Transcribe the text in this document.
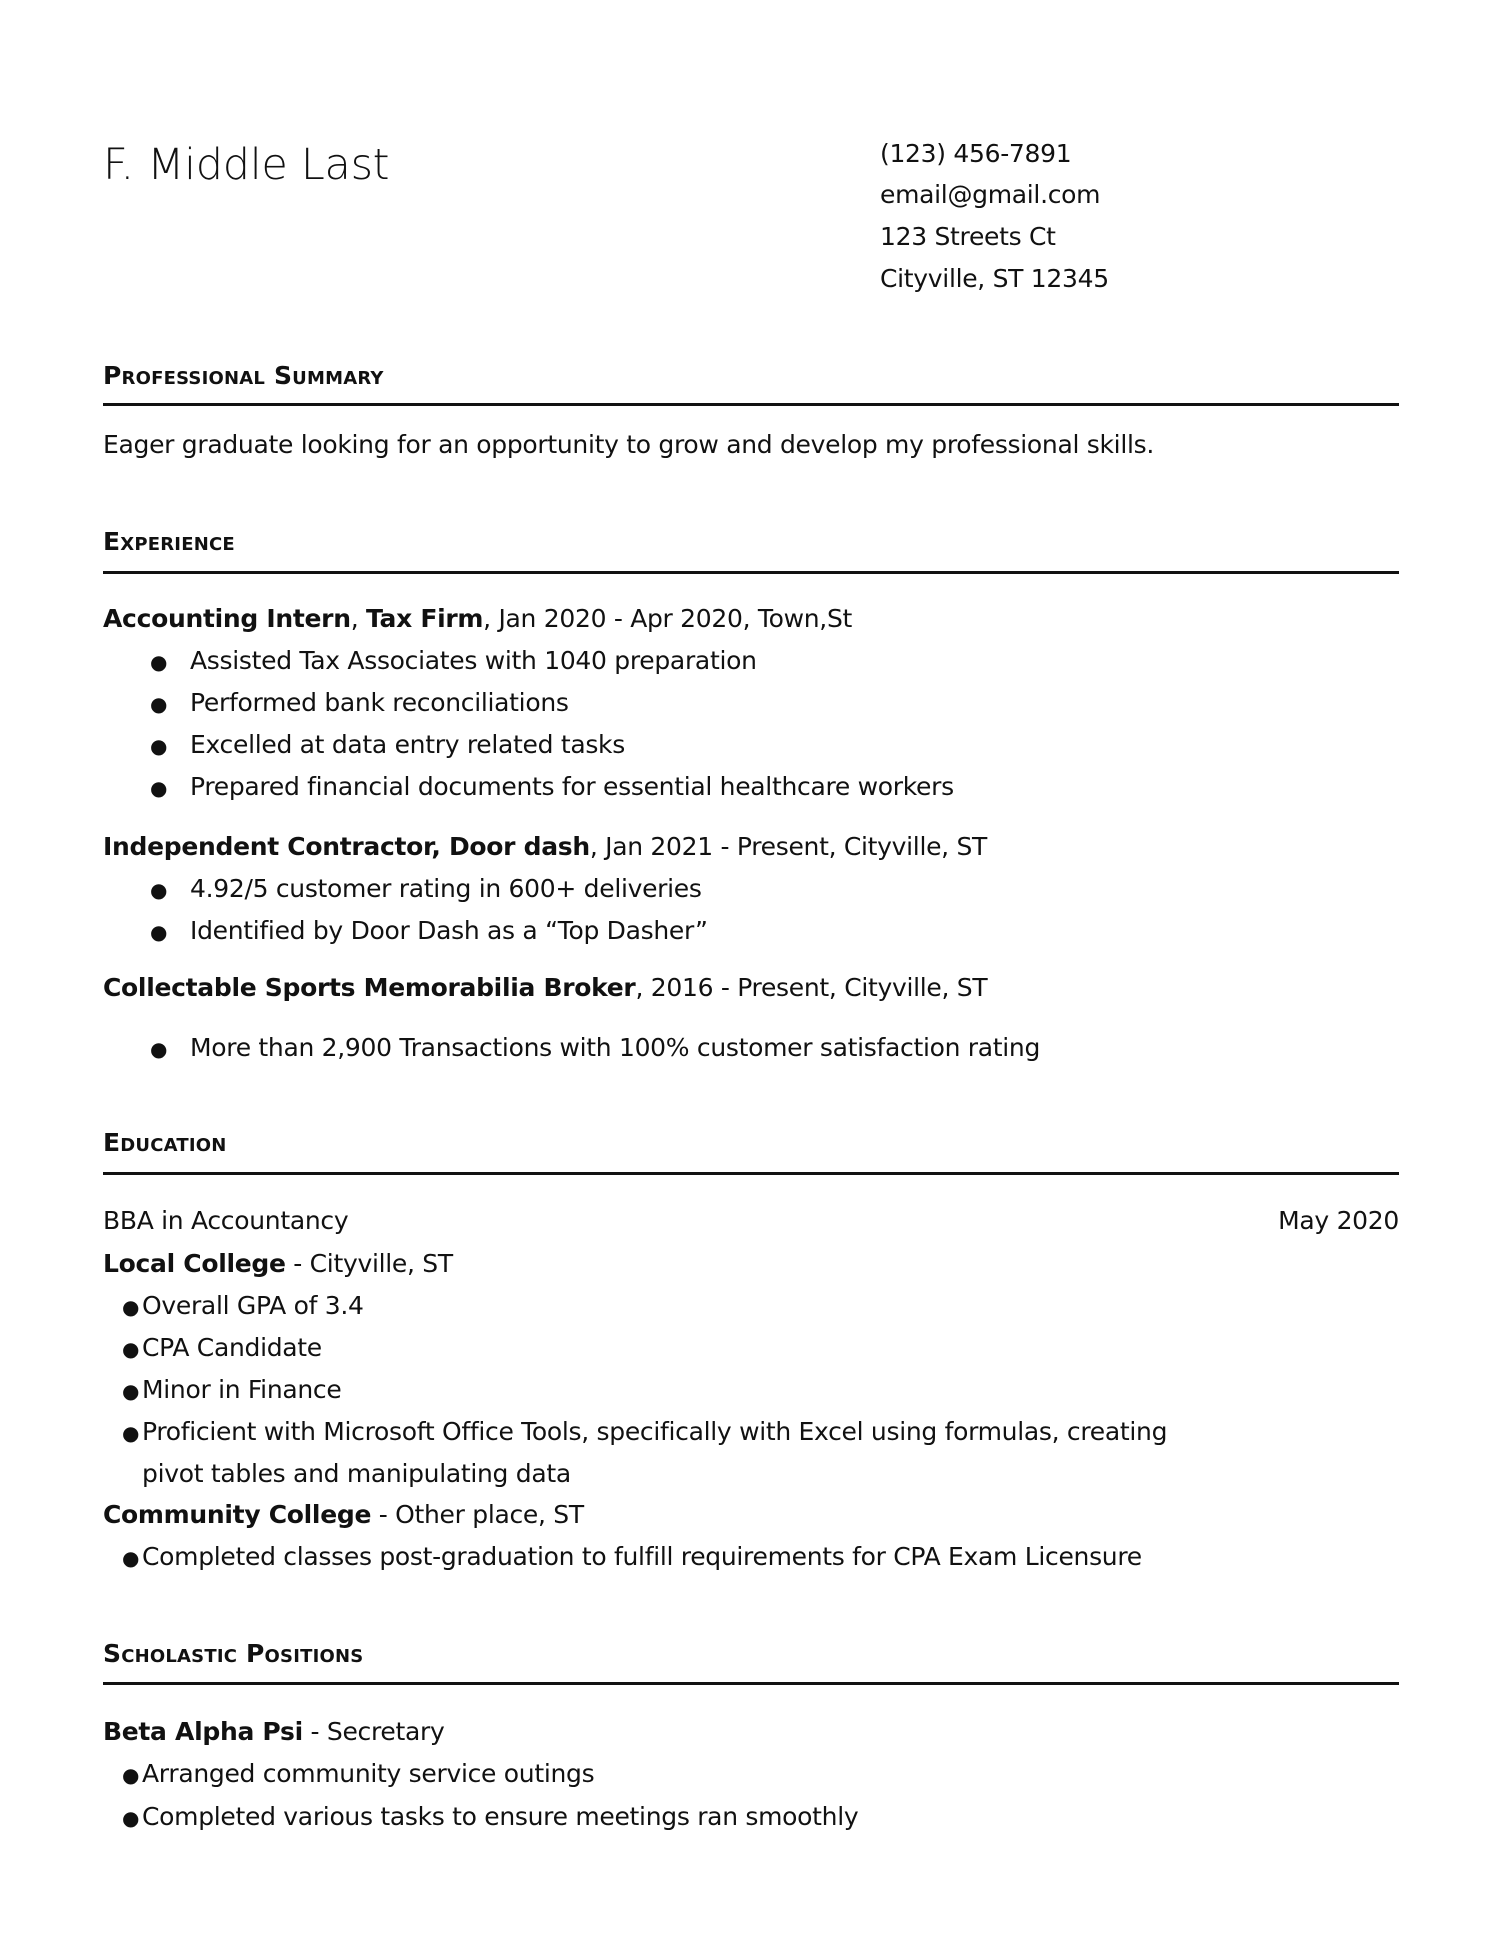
F. Middle Last	(123) 456-7891
email@gmail.com
123 Streets Ct
Cityville, ST 12345
Professional Summary
Eager graduate looking for an opportunity to grow and develop my professional skills.
Experience
Accounting Intern, Tax Firm, Jan 2020 - Apr 2020, Town,St
● Assisted Tax Associates with 1040 preparation
● Performed bank reconciliations
● Excelled at data entry related tasks
● Prepared financial documents for essential healthcare workers
Independent Contractor, Door dash, Jan 2021 - Present, Cityville, ST
● 4.92/5 customer rating in 600+ deliveries
● Identified by Door Dash as a “Top Dasher”
Collectable Sports Memorabilia Broker, 2016 - Present, Cityville, ST
● More than 2,900 Transactions with 100% customer satisfaction rating
Education
BBA in Accountancy	May 2020
Local College - Cityville, ST
● Overall GPA of 3.4
● CPA Candidate
● Minor in Finance
● Proficient with Microsoft Office Tools, specifically with Excel using formulas, creating
pivot tables and manipulating data
Community College - Other place, ST
● Completed classes post-graduation to fulfill requirements for CPA Exam Licensure
Scholastic Positions
Beta Alpha Psi - Secretary
● Arranged community service outings
● Completed various tasks to ensure meetings ran smoothly
